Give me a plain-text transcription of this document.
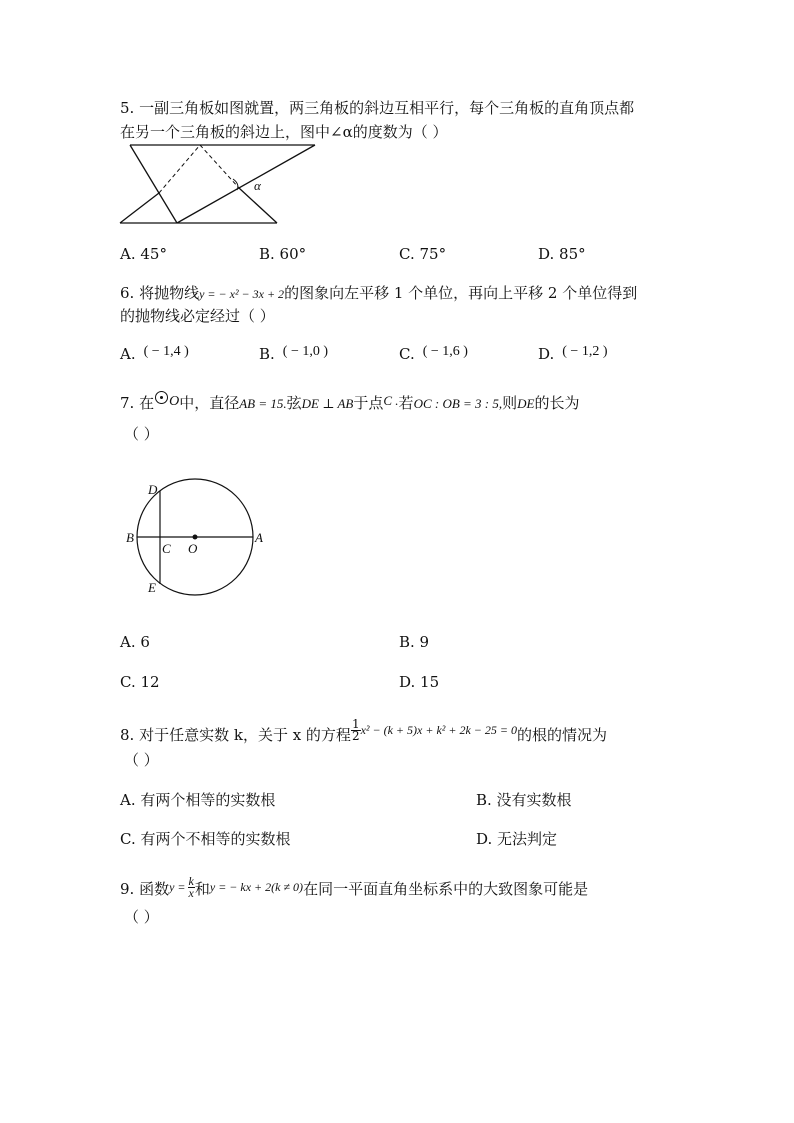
5. 一副三角板如图就置，两三角板的斜边互相平行，每个三角板的直角顶点都
在另一个三角板的斜边上，图中∠α的度数为（ ）
α
A. 45°	B. 60°	C. 75°	D. 85°
6. 将抛物线y = − x² − 3x + 2的图象向左平移 1 个单位，再向上平移 2 个单位得到
的抛物线必定经过（ ）
A. ( − 1,4 )	B. ( − 1,0 )	C. ( − 1,6 )	D. ( − 1,2 )
7. 在 O中，直径AB = 15.弦DE ⊥ AB于点C .若OC : OB = 3 : 5,则DE的长为
（ ）
D
B
C O
A
E
A. 6	B. 9
C. 12	D. 15
8. 对于任意实数 k，关于 x 的方程 $\frac{1}{2} ^{x^2 - (k + 5)x + k^2 + 2k - 25 = 0}$的根的情况为
（ ）
A. 有两个相等的实数根	B. 没有实数根
C. 有两个不相等的实数根	D. 无法判定
9. 函数$^{y =} \frac{k}{x}$ 和$^{y = - kx + 2(k \ne 0)}$在同一平面直角坐标系中的大致图象可能是
（ ）
